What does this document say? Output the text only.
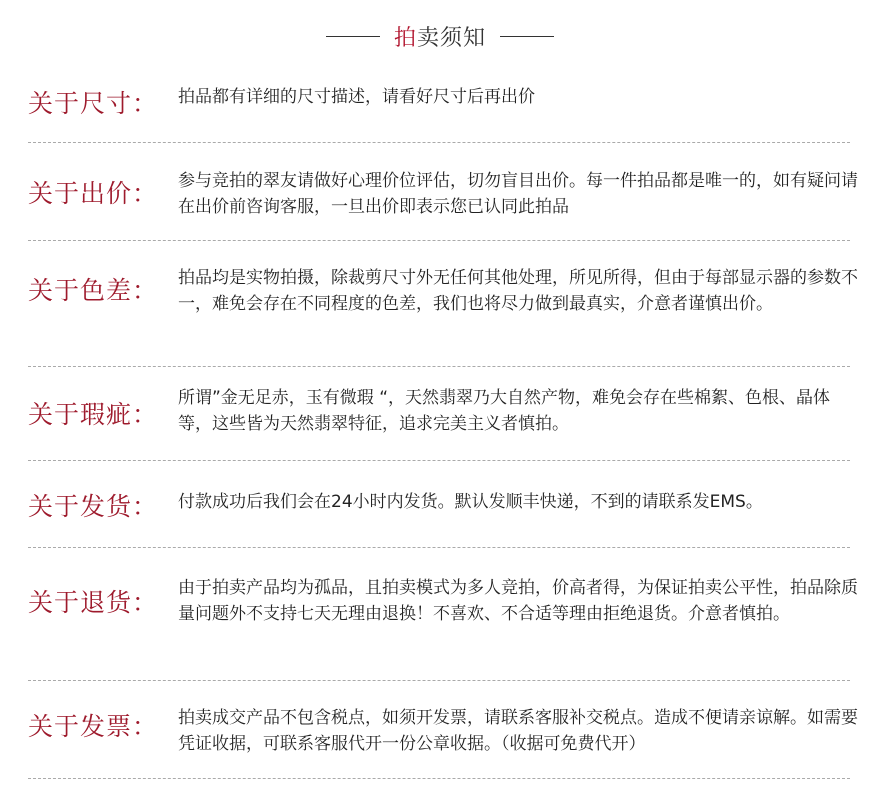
拍卖须知
关于尺寸： 拍品都有详细的尺寸描述，请看好尺寸后再出价
关于出价： 参与竞拍的翠友请做好心理价位评估，切勿盲目出价。每一件拍品都是唯一的，如有疑问请在出价前咨询客服，一旦出价即表示您已认同此拍品
关于色差： 拍品均是实物拍摄，除裁剪尺寸外无任何其他处理，所见所得，但由于每部显示器的参数不一，难免会存在不同程度的色差，我们也将尽力做到最真实，介意者谨慎出价。
关于瑕疵：
所谓”金无足赤，玉有微瑕 “，天然翡翠乃大自然产物，难免会存在些棉絮、色根、晶体等，这些皆为天然翡翠特征，追求完美主义者慎拍。
关于发货： 付款成功后我们会在24小时内发货。默认发顺丰快递，不到的请联系发EMS。
关于退货： 由于拍卖产品均为孤品，且拍卖模式为多人竞拍，价高者得，为保证拍卖公平性，拍品除质量问题外不支持七天无理由退换！不喜欢、不合适等理由拒绝退货。介意者慎拍。
关于发票： 拍卖成交产品不包含税点，如须开发票，请联系客服补交税点。造成不便请亲谅解。如需要凭证收据，可联系客服代开一份公章收据。（收据可免费代开）
